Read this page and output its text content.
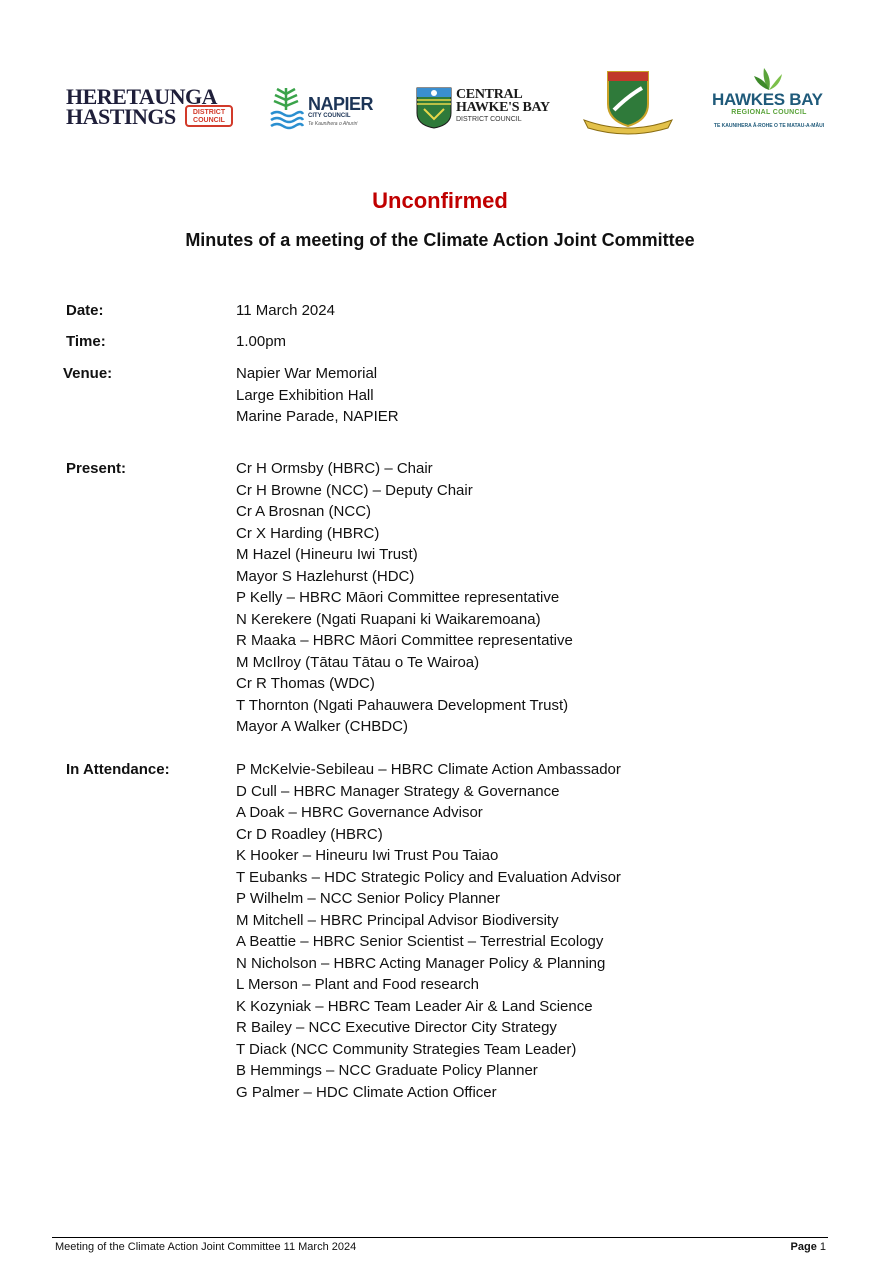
HERETAUNGA
HASTINGS	DISTRICT COUNCIL
NAPIER
CITY COUNCIL
Te Kaunihera o Ahuriri
CENTRAL
HAWKE'S BAY
DISTRICT COUNCIL
HAWKES BAY
REGIONAL COUNCIL
TE KAUNIHERA Ā-ROHE O TE MATAU-A-MĀUI
Unconfirmed
Minutes of a meeting of the Climate Action Joint Committee
Date:	11 March 2024
Time:	1.00pm
Venue:	Napier War Memorial
Large Exhibition Hall
Marine Parade, NAPIER
Present:	Cr H Ormsby (HBRC) – Chair
Cr H Browne (NCC) – Deputy Chair
Cr A Brosnan (NCC)
Cr X Harding (HBRC)
M Hazel (Hineuru Iwi Trust)
Mayor S Hazlehurst (HDC)
P Kelly – HBRC Māori Committee representative
N Kerekere (Ngati Ruapani ki Waikaremoana)
R Maaka – HBRC Māori Committee representative
M McIlroy (Tātau Tātau o Te Wairoa)
Cr R Thomas (WDC)
T Thornton (Ngati Pahauwera Development Trust)
Mayor A Walker (CHBDC)
In Attendance:	P McKelvie-Sebileau – HBRC Climate Action Ambassador
D Cull – HBRC Manager Strategy & Governance
A Doak – HBRC Governance Advisor
Cr D Roadley (HBRC)
K Hooker – Hineuru Iwi Trust Pou Taiao
T Eubanks – HDC Strategic Policy and Evaluation Advisor
P Wilhelm – NCC Senior Policy Planner
M Mitchell – HBRC Principal Advisor Biodiversity
A Beattie – HBRC Senior Scientist – Terrestrial Ecology
N Nicholson – HBRC Acting Manager Policy & Planning
L Merson – Plant and Food research
K Kozyniak – HBRC Team Leader Air & Land Science
R Bailey – NCC Executive Director City Strategy
T Diack (NCC Community Strategies Team Leader)
B Hemmings – NCC Graduate Policy Planner
G Palmer – HDC Climate Action Officer
Meeting of the Climate Action Joint Committee 11 March 2024	Page 1
